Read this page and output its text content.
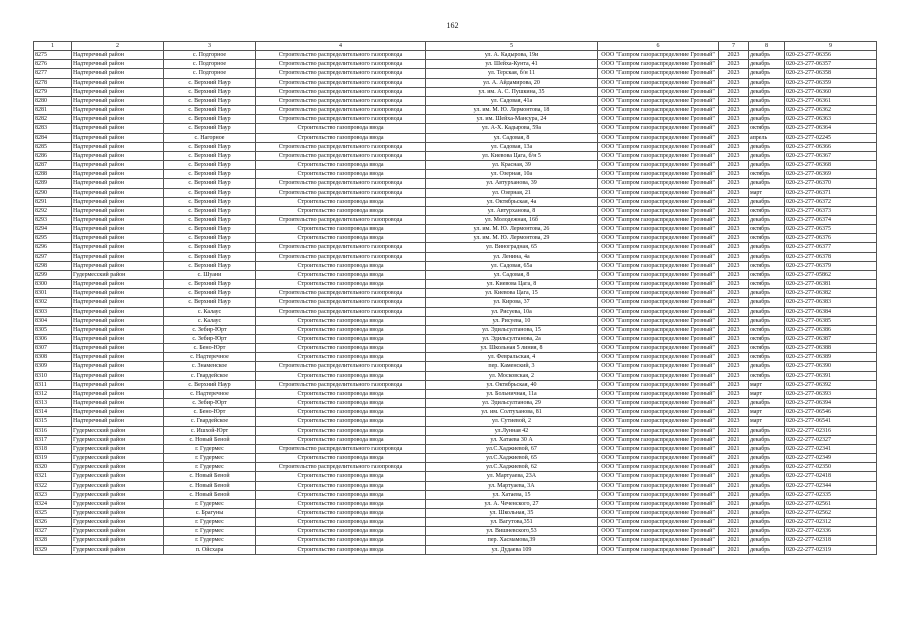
162
1	2	3	4	5	6	7	8	9
8275	Надтеречный район	с. Подгорное	Строительство распределительного газопровода	ул. А. Кадырова, 19и	ООО "Газпром газораспределение Грозный"	2023	декабрь	020-23-277-06356
8276	Надтеречный район	с. Подгорное	Строительство распределительного газопровода	ул. Шейха-Кунта, 41	ООО "Газпром газораспределение Грозный"	2023	декабрь	020-23-277-06357
8277	Надтеречный район	с. Подгорное	Строительство распределительного газопровода	ул. Терская, б/н 11	ООО "Газпром газораспределение Грозный"	2023	декабрь	020-23-277-06358
8278	Надтеречный район	с. Верхний Наур	Строительство распределительного газопровода	ул. А. Айдамирова, 20	ООО "Газпром газораспределение Грозный"	2023	декабрь	020-23-277-06359
8279	Надтеречный район	с. Верхний Наур	Строительство распределительного газопровода	ул. им. А. С. Пушкина, 35	ООО "Газпром газораспределение Грозный"	2023	декабрь	020-23-277-06360
8280	Надтеречный район	с. Верхний Наур	Строительство распределительного газопровода	ул. Садовая, 41а	ООО "Газпром газораспределение Грозный"	2023	декабрь	020-23-277-06361
8281	Надтеречный район	с. Верхний Наур	Строительство распределительного газопровода	ул. им. М. Ю. Лермонтова, 18	ООО "Газпром газораспределение Грозный"	2023	декабрь	020-23-277-06362
8282	Надтеречный район	с. Верхний Наур	Строительство распределительного газопровода	ул. им. Шейха-Мансура, 24	ООО "Газпром газораспределение Грозный"	2023	декабрь	020-23-277-06363
8283	Надтеречный район	с. Верхний Наур	Строительство газопровода ввода	ул. А-Х. Кадырова, 59а	ООО "Газпром газораспределение Грозный"	2023	октябрь	020-23-277-06364
8284	Надтеречный район	с. Нагорное	Строительство газопровода ввода	ул. Садовая, 8	ООО "Газпром газораспределение Грозный"	2023	апрель	020-23-277-02245
8285	Надтеречный район	с. Верхний Наур	Строительство распределительного газопровода	ул. Садовая, 13а	ООО "Газпром газораспределение Грозный"	2023	декабрь	020-23-277-06366
8286	Надтеречный район	с. Верхний Наур	Строительство распределительного газопровода	ул. Киевова Цага, б/н 5	ООО "Газпром газораспределение Грозный"	2023	декабрь	020-23-277-06367
8287	Надтеречный район	с. Верхний Наур	Строительство газопровода ввода	ул. Красная, 39	ООО "Газпром газораспределение Грозный"	2023	декабрь	020-23-277-06368
8288	Надтеречный район	с. Верхний Наур	Строительство газопровода ввода	ул. Озерная, 10а	ООО "Газпром газораспределение Грозный"	2023	октябрь	020-23-277-06369
8289	Надтеречный район	с. Верхний Наур	Строительство распределительного газопровода	ул. Автурханова, 39	ООО "Газпром газораспределение Грозный"	2023	декабрь	020-23-277-06370
8290	Надтеречный район	с. Верхний Наур	Строительство распределительного газопровода	ул. Озерная, 21	ООО "Газпром газораспределение Грозный"	2023	март	020-23-277-06371
8291	Надтеречный район	с. Верхний Наур	Строительство газопровода ввода	ул. Октябрьская, 4а	ООО "Газпром газораспределение Грозный"	2023	декабрь	020-23-277-06372
8292	Надтеречный район	с. Верхний Наур	Строительство газопровода ввода	ул. Автурханова, 8	ООО "Газпром газораспределение Грозный"	2023	октябрь	020-23-277-06373
8293	Надтеречный район	с. Верхний Наур	Строительство распределительного газопровода	ул. Молодежная, 16б	ООО "Газпром газораспределение Грозный"	2023	декабрь	020-23-277-06374
8294	Надтеречный район	с. Верхний Наур	Строительство газопровода ввода	ул. им. М. Ю. Лермонтова, 26	ООО "Газпром газораспределение Грозный"	2023	октябрь	020-23-277-06375
8295	Надтеречный район	с. Верхний Наур	Строительство газопровода ввода	ул. им. М. Ю. Лермонтова, 29	ООО "Газпром газораспределение Грозный"	2023	октябрь	020-23-277-06376
8296	Надтеречный район	с. Верхний Наур	Строительство распределительного газопровода	ул. Виноградная, 65	ООО "Газпром газораспределение Грозный"	2023	декабрь	020-23-277-06377
8297	Надтеречный район	с. Верхний Наур	Строительство распределительного газопровода	ул. Ленина, 4а	ООО "Газпром газораспределение Грозный"	2023	декабрь	020-23-277-06378
8298	Надтеречный район	с. Верхний Наур	Строительство газопровода ввода	ул. Садовая, 65а	ООО "Газпром газораспределение Грозный"	2023	октябрь	020-23-277-06379
8299	Гудермесский район	с. Шуани	Строительство газопровода ввода	ул. Садовая, 8	ООО "Газпром газораспределение Грозный"	2023	октябрь	020-23-277-05862
8300	Надтеречный район	с. Верхний Наур	Строительство газопровода ввода	ул. Киевова Цага, 8	ООО "Газпром газораспределение Грозный"	2023	октябрь	020-23-277-06381
8301	Надтеречный район	с. Верхний Наур	Строительство распределительного газопровода	ул. Киевова Цага, 15	ООО "Газпром газораспределение Грозный"	2023	декабрь	020-23-277-06382
8302	Надтеречный район	с. Верхний Наур	Строительство распределительного газопровода	ул. Кирова, 37	ООО "Газпром газораспределение Грозный"	2023	декабрь	020-23-277-06383
8303	Надтеречный район	с. Калаус	Строительство распределительного газопровода	ул. Рисуева, 10а	ООО "Газпром газораспределение Грозный"	2023	декабрь	020-23-277-06384
8304	Надтеречный район	с. Калаус	Строительство газопровода ввода	ул. Рисуева, 10	ООО "Газпром газораспределение Грозный"	2023	декабрь	020-23-277-06385
8305	Надтеречный район	с. Зебир-Юрт	Строительство газопровода ввода	ул. Эдильсултанова, 15	ООО "Газпром газораспределение Грозный"	2023	октябрь	020-23-277-06386
8306	Надтеречный район	с. Зебир-Юрт	Строительство газопровода ввода	ул. Эдильсултанова, 2а	ООО "Газпром газораспределение Грозный"	2023	октябрь	020-23-277-06387
8307	Надтеречный район	с. Бено-Юрт	Строительство газопровода ввода	ул. Школьная 5 линия, 8	ООО "Газпром газораспределение Грозный"	2023	октябрь	020-23-277-06388
8308	Надтеречный район	с. Надтеречное	Строительство газопровода ввода	ул. Февральская, 4	ООО "Газпром газораспределение Грозный"	2023	октябрь	020-23-277-06389
8309	Надтеречный район	с. Знаменское	Строительство распределительного газопровода	пер. Каменский, 3	ООО "Газпром газораспределение Грозный"	2023	декабрь	020-23-277-06390
8310	Надтеречный район	с. Гвардейское	Строительство газопровода ввода	ул. Московская, 2	ООО "Газпром газораспределение Грозный"	2023	октябрь	020-23-277-06391
8311	Надтеречный район	с. Верхний Наур	Строительство распределительного газопровода	ул. Октябрьская, 40	ООО "Газпром газораспределение Грозный"	2023	март	020-23-277-06392
8312	Надтеречный район	с. Надтеречное	Строительство газопровода ввода	ул. Больничная, 11а	ООО "Газпром газораспределение Грозный"	2023	март	020-23-277-06393
8313	Надтеречный район	с. Зебир-Юрт	Строительство газопровода ввода	ул. Эдильсултанова, 29	ООО "Газпром газораспределение Грозный"	2023	декабрь	020-23-277-06394
8314	Надтеречный район	с. Бено-Юрт	Строительство газопровода ввода	ул. им. Солтуханова, 81	ООО "Газпром газораспределение Грозный"	2023	март	020-23-277-06546
8315	Надтеречный район	с. Гвардейское	Строительство газопровода ввода	ул. Сутиевой, 2	ООО "Газпром газораспределение Грозный"	2023	март	020-23-277-06541
8316	Гудермесский район	с. Ишхой-Юрт	Строительство газопровода ввода	ул.Лунная 42	ООО "Газпром газораспределение Грозный"	2021	декабрь	020-22-277-02316
8317	Гудермесский район	с. Новый Беной	Строительство газопровода ввода	ул. Хатаева 30 А	ООО "Газпром газораспределение Грозный"	2021	декабрь	020-22-277-02327
8318	Гудермесский район	г. Гудермес	Строительство распределительного газопровода	ул.С.Хаджиевой, 67	ООО "Газпром газораспределение Грозный"	2021	декабрь	020-22-277-02341
8319	Гудермесский район	г. Гудермес	Строительство газопровода ввода	ул.С.Хаджиевой, 65	ООО "Газпром газораспределение Грозный"	2021	декабрь	020-22-277-02349
8320	Гудермесский район	г. Гудермес	Строительство распределительного газопровода	ул.С.Хаджиевой, 62	ООО "Газпром газораспределение Грозный"	2021	декабрь	020-22-277-02350
8321	Гудермесский район	с. Новый Беной	Строительство газопровода ввода	ул. Мартуаева, 23А	ООО "Газпром газораспределение Грозный"	2021	декабрь	020-22-277-02418
8322	Гудермесский район	с. Новый Беной	Строительство газопровода ввода	ул. Мартуаева, 3А	ООО "Газпром газораспределение Грозный"	2021	декабрь	020-22-277-02344
8323	Гудермесский район	с. Новый Беной	Строительство газопровода ввода	ул. Хатаева, 15	ООО "Газпром газораспределение Грозный"	2021	декабрь	020-22-277-02335
8324	Гудермесский район	г. Гудермес	Строительство газопровода ввода	ул. А. Чеченского, 27	ООО "Газпром газораспределение Грозный"	2021	декабрь	020-22-277-02561
8325	Гудермесский район	с. Брагуны	Строительство газопровода ввода	ул. Школьная, 35	ООО "Газпром газораспределение Грозный"	2021	декабрь	020-22-277-02562
8326	Гудермесский район	г. Гудермес	Строительство газопровода ввода	ул. Вагутова,351	ООО "Газпром газораспределение Грозный"	2021	декабрь	020-22-277-02312
8327	Гудермесский район	г. Гудермес	Строительство газопровода ввода	ул. Вишневского,53	ООО "Газпром газораспределение Грозный"	2021	декабрь	020-22-277-02336
8328	Гудермесский район	г. Гудермес	Строительство газопровода ввода	пер. Хасмамова,39	ООО "Газпром газораспределение Грозный"	2021	декабрь	020-22-277-02318
8329	Гудермесский район	п. Ойсхара	Строительство газопровода ввода	ул. Дудаева 109	ООО "Газпром газораспределение Грозный"	2021	декабрь	020-22-277-02319
